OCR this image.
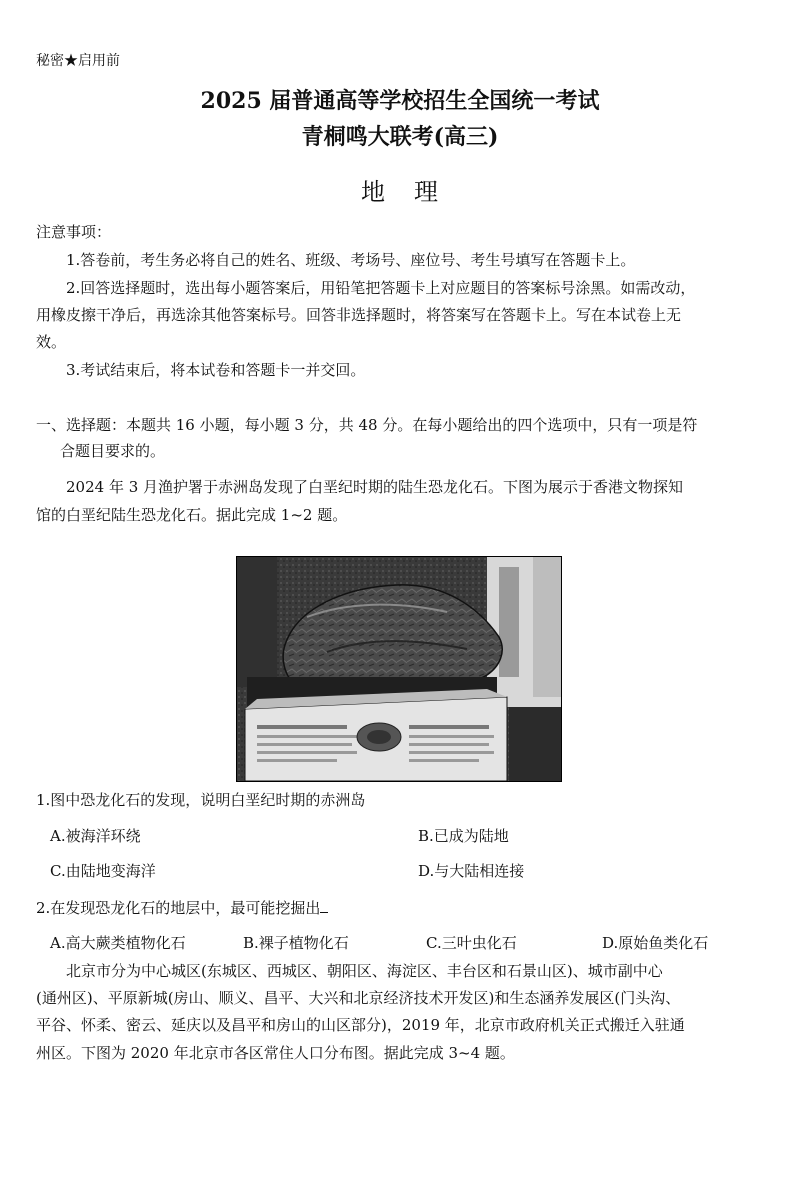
秘密★启用前
2025 届普通高等学校招生全国统一考试
青桐鸣大联考(高三)
地 理
注意事项：
1.答卷前，考生务必将自己的姓名、班级、考场号、座位号、考生号填写在答题卡上。
2.回答选择题时，选出每小题答案后，用铅笔把答题卡上对应题目的答案标号涂黑。如需改动，
用橡皮擦干净后，再选涂其他答案标号。回答非选择题时，将答案写在答题卡上。写在本试卷上无
效。
3.考试结束后，将本试卷和答题卡一并交回。
一、选择题：本题共 16 小题，每小题 3 分，共 48 分。在每小题给出的四个选项中，只有一项是符
合题目要求的。
2024 年 3 月渔护署于赤洲岛发现了白垩纪时期的陆生恐龙化石。下图为展示于香港文物探知
馆的白垩纪陆生恐龙化石。据此完成 1~2 题。
1.图中恐龙化石的发现，说明白垩纪时期的赤洲岛
A.被海洋环绕	B.已成为陆地
C.由陆地变海洋	D.与大陆相连接
2.在发现恐龙化石的地层中，最可能挖掘出
A.高大蕨类植物化石	B.裸子植物化石	C.三叶虫化石	D.原始鱼类化石
北京市分为中心城区(东城区、西城区、朝阳区、海淀区、丰台区和石景山区)、城市副中心
(通州区)、平原新城(房山、顺义、昌平、大兴和北京经济技术开发区)和生态涵养发展区(门头沟、
平谷、怀柔、密云、延庆以及昌平和房山的山区部分)，2019 年，北京市政府机关正式搬迁入驻通
州区。下图为 2020 年北京市各区常住人口分布图。据此完成 3~4 题。
